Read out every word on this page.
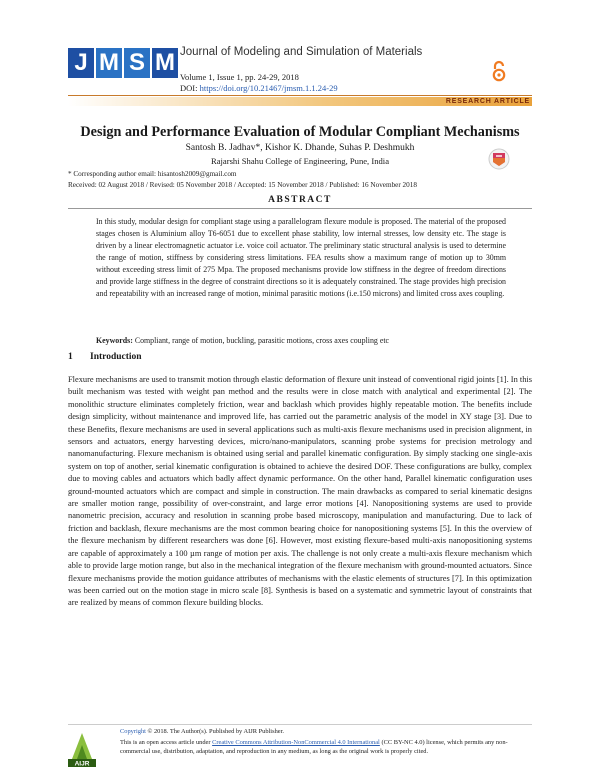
J M S M Journal of Modeling and Simulation of Materials
Volume 1, Issue 1, pp. 24-29, 2018
DOI: https://doi.org/10.21467/jmsm.1.1.24-29
RESEARCH ARTICLE
Design and Performance Evaluation of Modular Compliant Mechanisms
Santosh B. Jadhav*, Kishor K. Dhande, Suhas P. Deshmukh
Rajarshi Shahu College of Engineering, Pune, India
* Corresponding author email: hisantosh2009@gmail.com
Received: 02 August 2018 / Revised: 05 November 2018 / Accepted: 15 November 2018 / Published: 16 November 2018
ABSTRACT
In this study, modular design for compliant stage using a parallelogram flexure module is proposed. The material of the proposed stages chosen is Aluminium alloy T6-6051 due to excellent phase stability, low internal stresses, low density etc. The stage is driven by a linear electromagnetic actuator i.e. voice coil actuator. The preliminary static structural analysis is used to determine the range of motion, stiffness by considering stress limitations. FEA results show a maximum range of motion up to 30mm without exceeding stress limit of 275 Mpa. The proposed mechanisms provide low stiffness in the degree of freedom directions and provide large stiffness in the degree of constraint directions so it is adequately constrained. The stage provides high precision and repeatability with an increased range of motion, minimal parasitic motions (i.e.150 microns) and limited cross axes coupling.
Keywords: Compliant, range of motion, buckling, parasitic motions, cross axes coupling etc
1 Introduction
Flexure mechanisms are used to transmit motion through elastic deformation of flexure unit instead of conventional rigid joints [1]. In this built mechanism was tested with weight pan method and the results were in close match with analytical and experimental [2]. The monolithic structure eliminates completely friction, wear and backlash which provides highly repeatable motion. The benefits include design simplicity, without maintenance and improved life, has carried out the parametric analysis of the model in XY stage [3]. Due to these Benefits, flexure mechanisms are used in several applications such as multi-axis flexure mechanisms used in precision alignment, in sensors and actuators, energy harvesting devices, micro/nano-manipulators, scanning probe systems for precision metrology and nanomanufacturing. Flexure mechanism is obtained using serial and parallel kinematic configuration. By simply stacking one single-axis system on top of another, serial kinematic configuration is obtained to achieve the desired DOF. These configurations are bulky, complex due to moving cables and actuators which badly affect dynamic performance. On the other hand, Parallel kinematic configuration uses ground-mounted actuators which are compact and simple in construction. The main drawbacks as compared to serial kinematic designs are smaller motion range, possibility of over-constraint, and large error motions [4]. Nanopositioning systems are used to provide nanometric precision, accuracy and resolution in scanning probe based microscopy, manipulation and manufacturing. Due to lack of friction and backlash, flexure mechanisms are the most common bearing choice for nanopositioning systems [5]. In this the overview of the flexure mechanism by different researchers was done [6]. However, most existing flexure-based multi-axis nanopositioning systems are capable of approximately a 100 µm range of motion per axis. The challenge is not only create a multi-axis flexure mechanism which able to provide large motion range, but also in the mechanical integration of the flexure mechanism with ground-mounted actuators. Since flexure mechanisms provide the motion guidance attributes of mechanisms with the elastic elements of structures [7]. In this optimization was been carried out on the motion stage in micro scale [8]. Synthesis is based on a systematic and symmetric layout of constraints that are realized by means of common flexure building blocks.
AIJR
Copyright © 2018. The Author(s). Published by AIJR Publisher.
This is an open access article under Creative Commons Attribution-NonCommercial 4.0 International (CC BY-NC 4.0) license, which permits any non-commercial use, distribution, adaptation, and reproduction in any medium, as long as the original work is properly cited.
